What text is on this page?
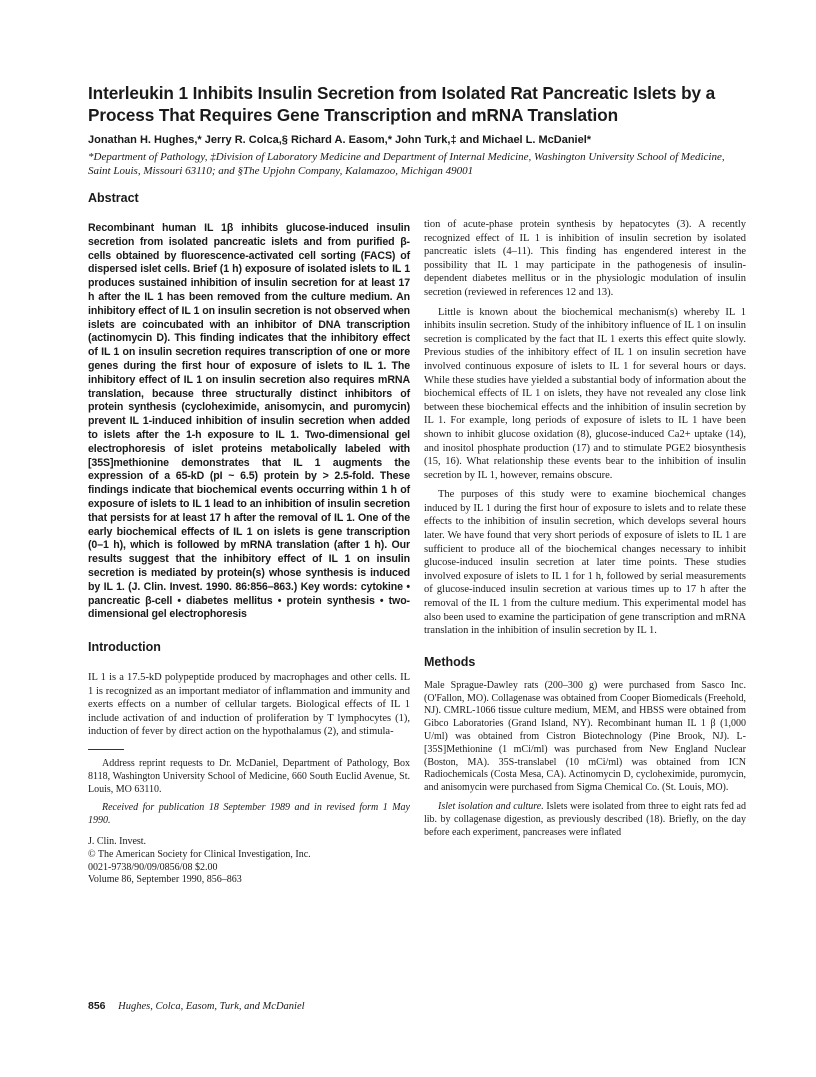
Interleukin 1 Inhibits Insulin Secretion from Isolated Rat Pancreatic Islets by a Process That Requires Gene Transcription and mRNA Translation
Jonathan H. Hughes,* Jerry R. Colca,§ Richard A. Easom,* John Turk,‡ and Michael L. McDaniel*
*Department of Pathology, ‡Division of Laboratory Medicine and Department of Internal Medicine, Washington University School of Medicine, Saint Louis, Missouri 63110; and §The Upjohn Company, Kalamazoo, Michigan 49001
Abstract

Recombinant human IL 1β inhibits glucose-induced insulin secretion from isolated pancreatic islets and from purified β-cells obtained by fluorescence-activated cell sorting (FACS) of dispersed islet cells. Brief (1 h) exposure of isolated islets to IL 1 produces sustained inhibition of insulin secretion for at least 17 h after the IL 1 has been removed from the culture medium. An inhibitory effect of IL 1 on insulin secretion is not observed when islets are coincubated with an inhibitor of DNA transcription (actinomycin D). This finding indicates that the inhibitory effect of IL 1 on insulin secretion requires transcription of one or more genes during the first hour of exposure of islets to IL 1. The inhibitory effect of IL 1 on insulin secretion also requires mRNA translation, because three structurally distinct inhibitors of protein synthesis (cycloheximide, anisomycin, and puromycin) prevent IL 1-induced inhibition of insulin secretion when added to islets after the 1-h exposure to IL 1. Two-dimensional gel electrophoresis of islet proteins metabolically labeled with [35S]methionine demonstrates that IL 1 augments the expression of a 65-kD (pI ~ 6.5) protein by > 2.5-fold. These findings indicate that biochemical events occurring within 1 h of exposure of islets to IL 1 lead to an inhibition of insulin secretion that persists for at least 17 h after the removal of IL 1. One of the early biochemical effects of IL 1 on islets is gene transcription (0–1 h), which is followed by mRNA translation (after 1 h). Our results suggest that the inhibitory effect of IL 1 on insulin secretion is mediated by protein(s) whose synthesis is induced by IL 1. (J. Clin. Invest. 1990. 86:856–863.) Key words: cytokine • pancreatic β-cell • diabetes mellitus • protein synthesis • two-dimensional gel electrophoresis

Introduction

IL 1 is a 17.5-kD polypeptide produced by macrophages and other cells. IL 1 is recognized as an important mediator of inflammation and immunity and exerts effects on a number of cellular targets. Biological effects of IL 1 include activation of and induction of proliferation by T lymphocytes (1), induction of fever by direct action on the hypothalamus (2), and stimula-

Address reprint requests to Dr. McDaniel, Department of Pathology, Box 8118, Washington University School of Medicine, 660 South Euclid Avenue, St. Louis, MO 63110.

Received for publication 18 September 1989 and in revised form 1 May 1990.

J. Clin. Invest.
© The American Society for Clinical Investigation, Inc.
0021-9738/90/09/0856/08 $2.00
Volume 86, September 1990, 856–863

tion of acute-phase protein synthesis by hepatocytes (3). A recently recognized effect of IL 1 is inhibition of insulin secretion by isolated pancreatic islets (4–11). This finding has engendered interest in the possibility that IL 1 may participate in the pathogenesis of insulin-dependent diabetes mellitus or in the physiologic modulation of insulin secretion (reviewed in references 12 and 13).

Little is known about the biochemical mechanism(s) whereby IL 1 inhibits insulin secretion. Study of the inhibitory influence of IL 1 on insulin secretion is complicated by the fact that IL 1 exerts this effect quite slowly. Previous studies of the inhibitory effect of IL 1 on insulin secretion have involved continuous exposure of islets to IL 1 for several hours or days. While these studies have yielded a substantial body of information about the biochemical effects of IL 1 on islets, they have not revealed any close link between these biochemical effects and the inhibition of insulin secretion by IL 1. For example, long periods of exposure of islets to IL 1 have been shown to inhibit glucose oxidation (8), glucose-induced Ca2+ uptake (14), and inositol phosphate production (17) and to stimulate PGE2 biosynthesis (15, 16). What relationship these events bear to the inhibition of insulin secretion by IL 1, however, remains obscure.

The purposes of this study were to examine biochemical changes induced by IL 1 during the first hour of exposure to islets and to relate these effects to the inhibition of insulin secretion, which develops several hours later. We have found that very short periods of exposure of islets to IL 1 are sufficient to produce all of the biochemical changes necessary to inhibit glucose-induced insulin secretion at later time points. These studies involved exposure of islets to IL 1 for 1 h, followed by serial measurements of glucose-induced insulin secretion at various times up to 17 h after the removal of the IL 1 from the culture medium. This experimental model has also been used to examine the participation of gene transcription and mRNA translation in the inhibition of insulin secretion by IL 1.

Methods

Male Sprague-Dawley rats (200–300 g) were purchased from Sasco Inc. (O'Fallon, MO). Collagenase was obtained from Cooper Biomedicals (Freehold, NJ). CMRL-1066 tissue culture medium, MEM, and HBSS were obtained from Gibco Laboratories (Grand Island, NY). Recombinant human IL 1 β (1,000 U/ml) was obtained from Cistron Biotechnology (Pine Brook, NJ). L-[35S]Methionine (1 mCi/ml) was purchased from New England Nuclear (Boston, MA). 35S-translabel (10 mCi/ml) was obtained from ICN Radiochemicals (Costa Mesa, CA). Actinomycin D, cycloheximide, puromycin, and anisomycin were purchased from Sigma Chemical Co. (St. Louis, MO).

Islet isolation and culture. Islets were isolated from three to eight rats fed ad lib. by collagenase digestion, as previously described (18). Briefly, on the day before each experiment, pancreases were inflated

856 Hughes, Colca, Easom, Turk, and McDaniel
